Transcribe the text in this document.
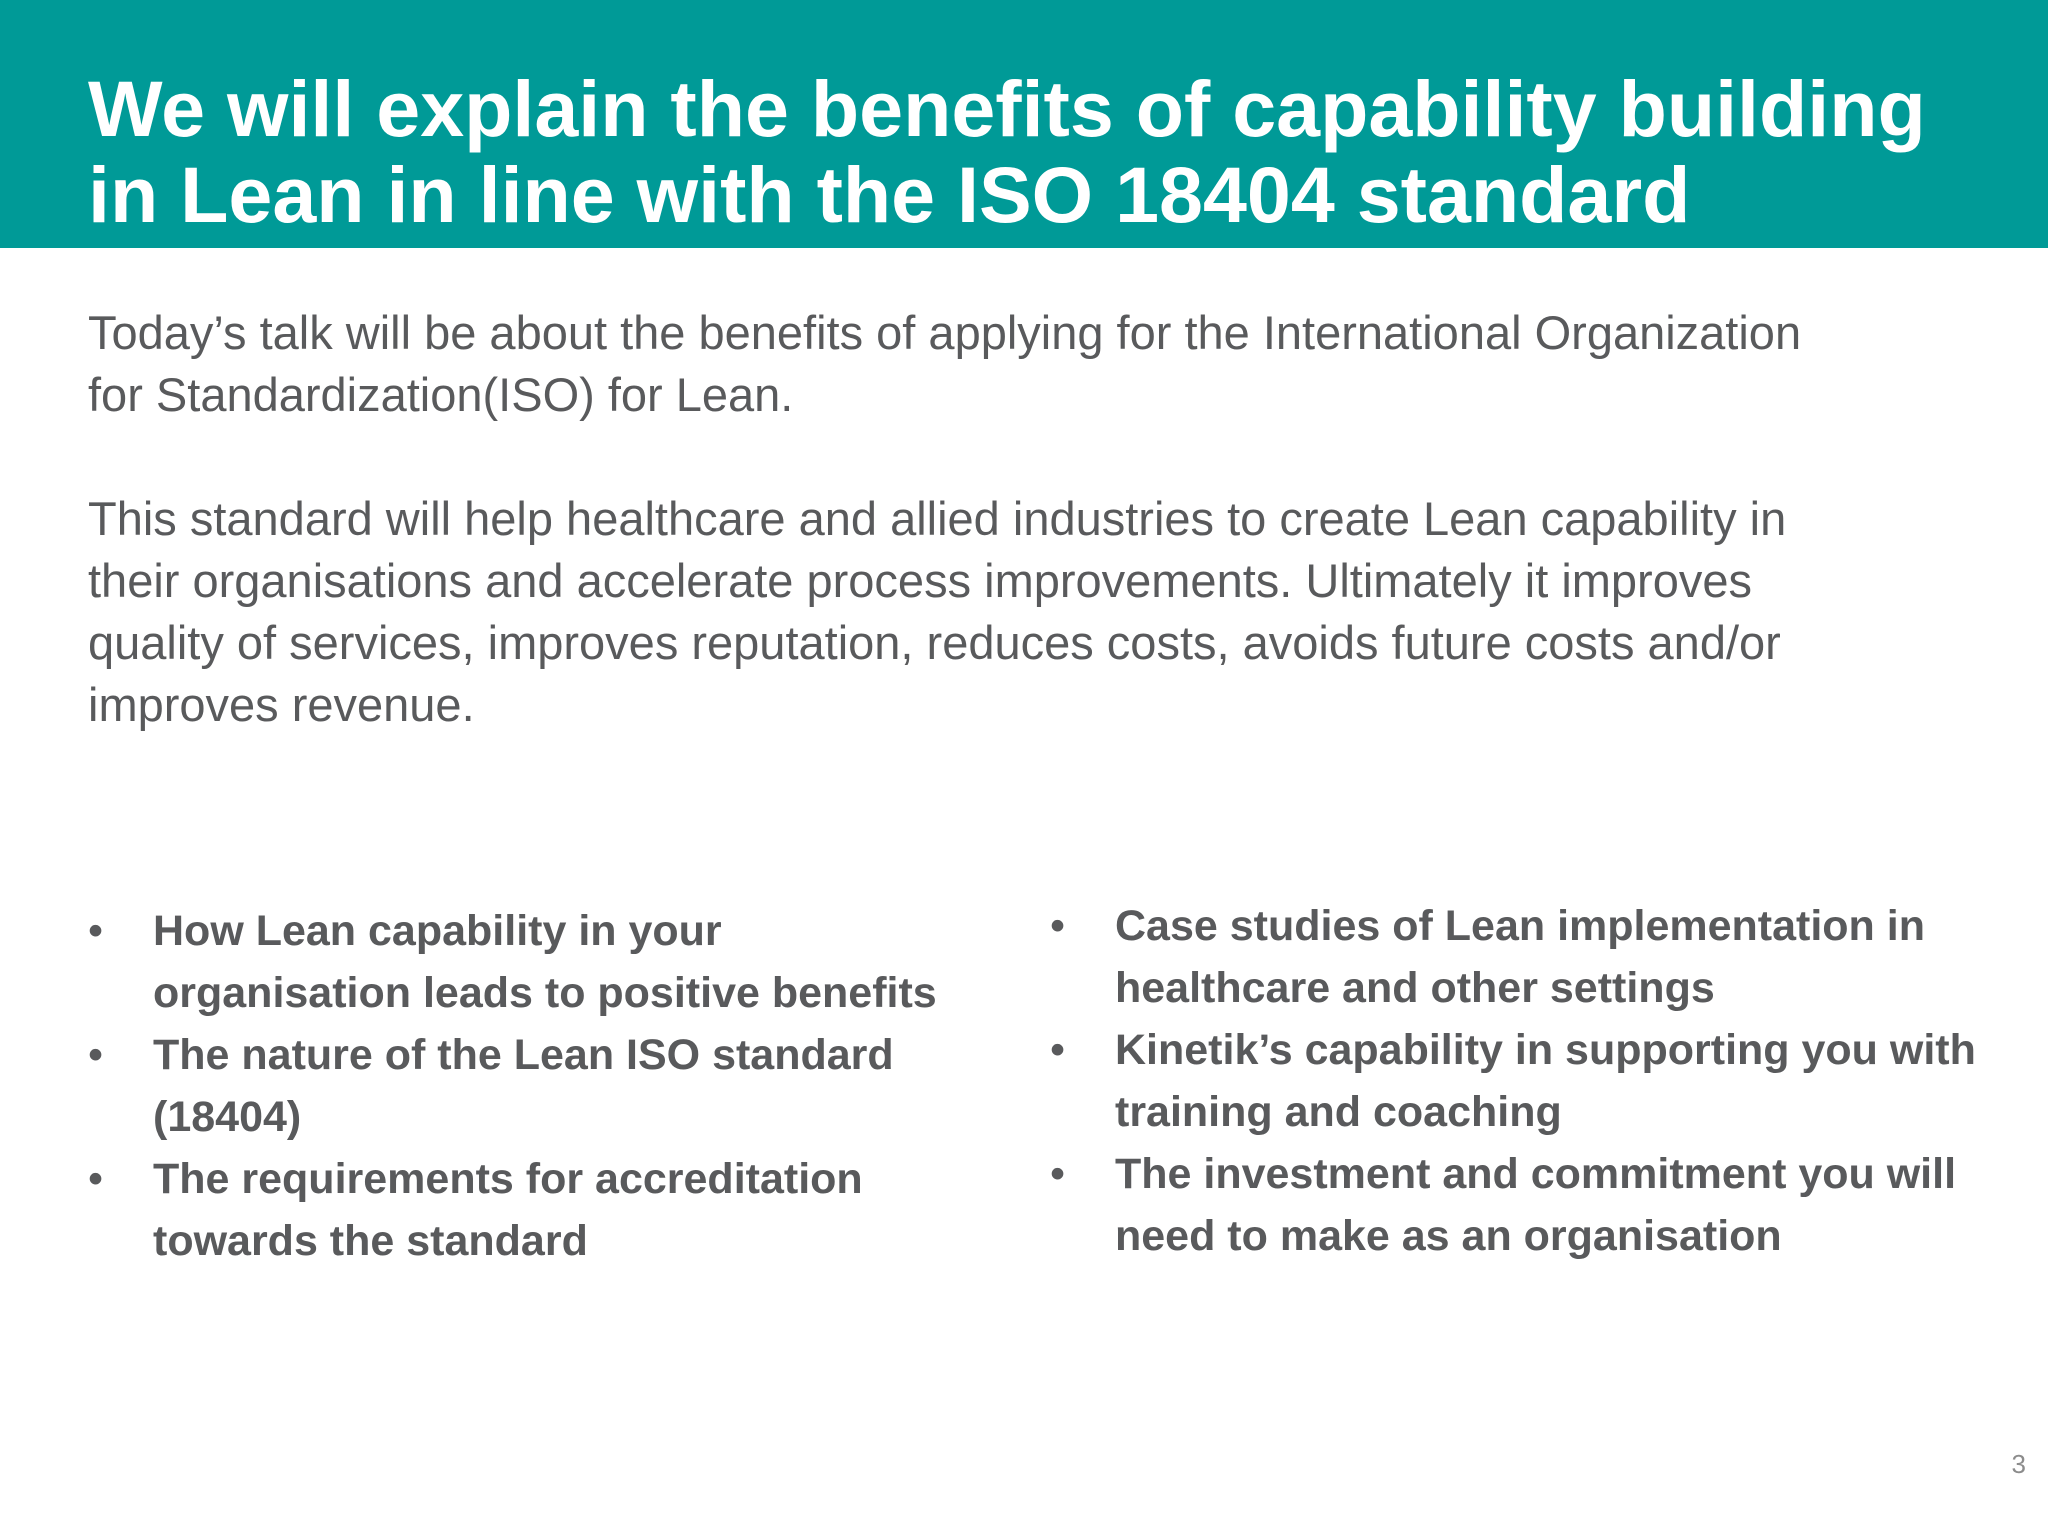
We will explain the benefits of capability building in Lean in line with the ISO 18404 standard

Today’s talk will be about the benefits of applying for the International Organization for Standardization(ISO) for Lean.

This standard will help healthcare and allied industries to create Lean capability in their organisations and accelerate process improvements. Ultimately it improves quality of services, improves reputation, reduces costs, avoids future costs and/or improves revenue.

• How Lean capability in your organisation leads to positive benefits
• The nature of the Lean ISO standard (18404)
• The requirements for accreditation towards the standard
• Case studies of Lean implementation in healthcare and other settings
• Kinetik’s capability in supporting you with training and coaching
• The investment and commitment you will need to make as an organisation
3
